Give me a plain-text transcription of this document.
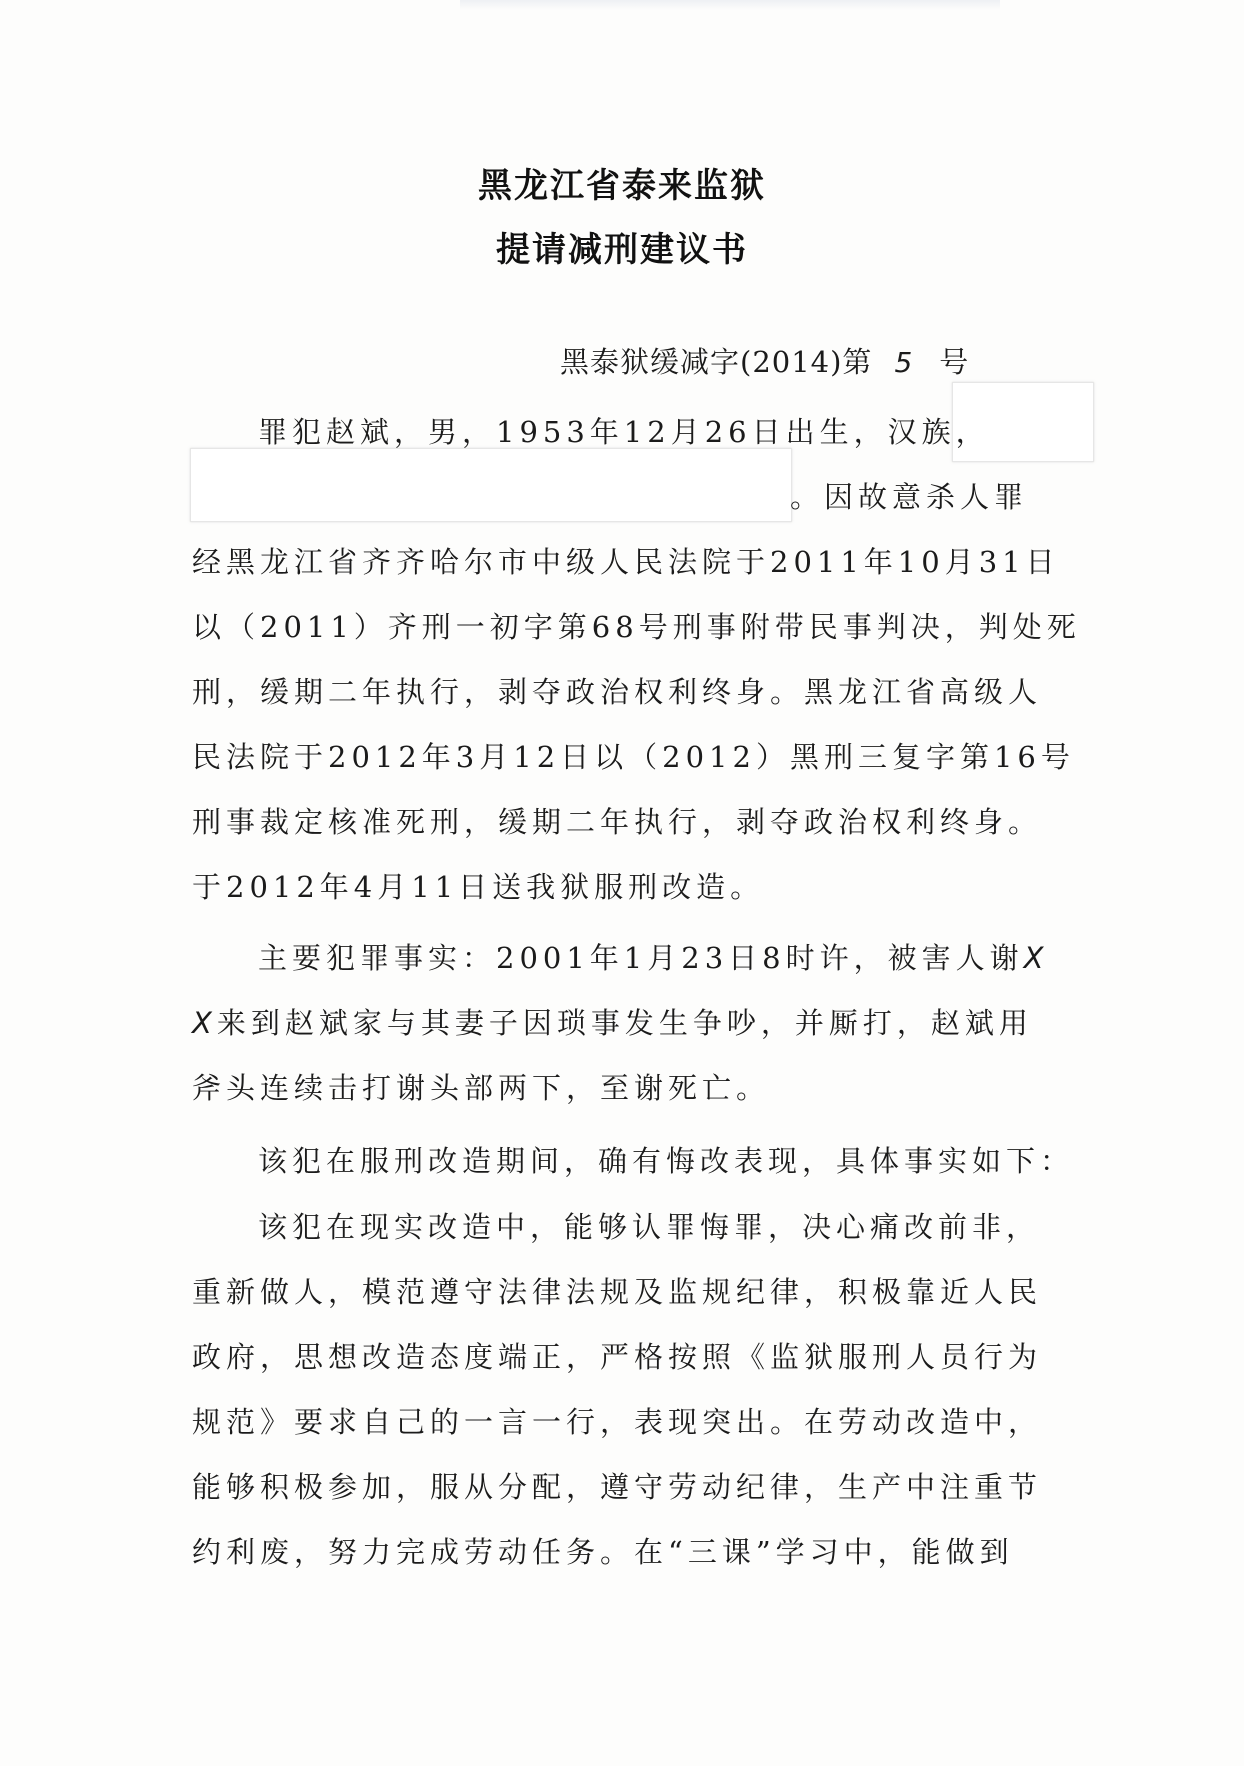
黑龙江省泰来监狱
提请减刑建议书
黑泰狱缓减字(2014)第 5 号
罪犯赵斌，男，1953年12月26日出生，汉族，
。因故意杀人罪
经黑龙江省齐齐哈尔市中级人民法院于2011年10月31日
以（2011）齐刑一初字第68号刑事附带民事判决，判处死
刑，缓期二年执行，剥夺政治权利终身。黑龙江省高级人
民法院于2012年3月12日以（2012）黑刑三复字第16号
刑事裁定核准死刑，缓期二年执行，剥夺政治权利终身。
于2012年4月11日送我狱服刑改造。
主要犯罪事实：2001年1月23日8时许，被害人谢X
X来到赵斌家与其妻子因琐事发生争吵，并厮打，赵斌用
斧头连续击打谢头部两下，至谢死亡。
该犯在服刑改造期间，确有悔改表现，具体事实如下：
该犯在现实改造中，能够认罪悔罪，决心痛改前非，
重新做人，模范遵守法律法规及监规纪律，积极靠近人民
政府，思想改造态度端正，严格按照《监狱服刑人员行为
规范》要求自己的一言一行，表现突出。在劳动改造中，
能够积极参加，服从分配，遵守劳动纪律，生产中注重节
约利废，努力完成劳动任务。在“三课”学习中，能做到
